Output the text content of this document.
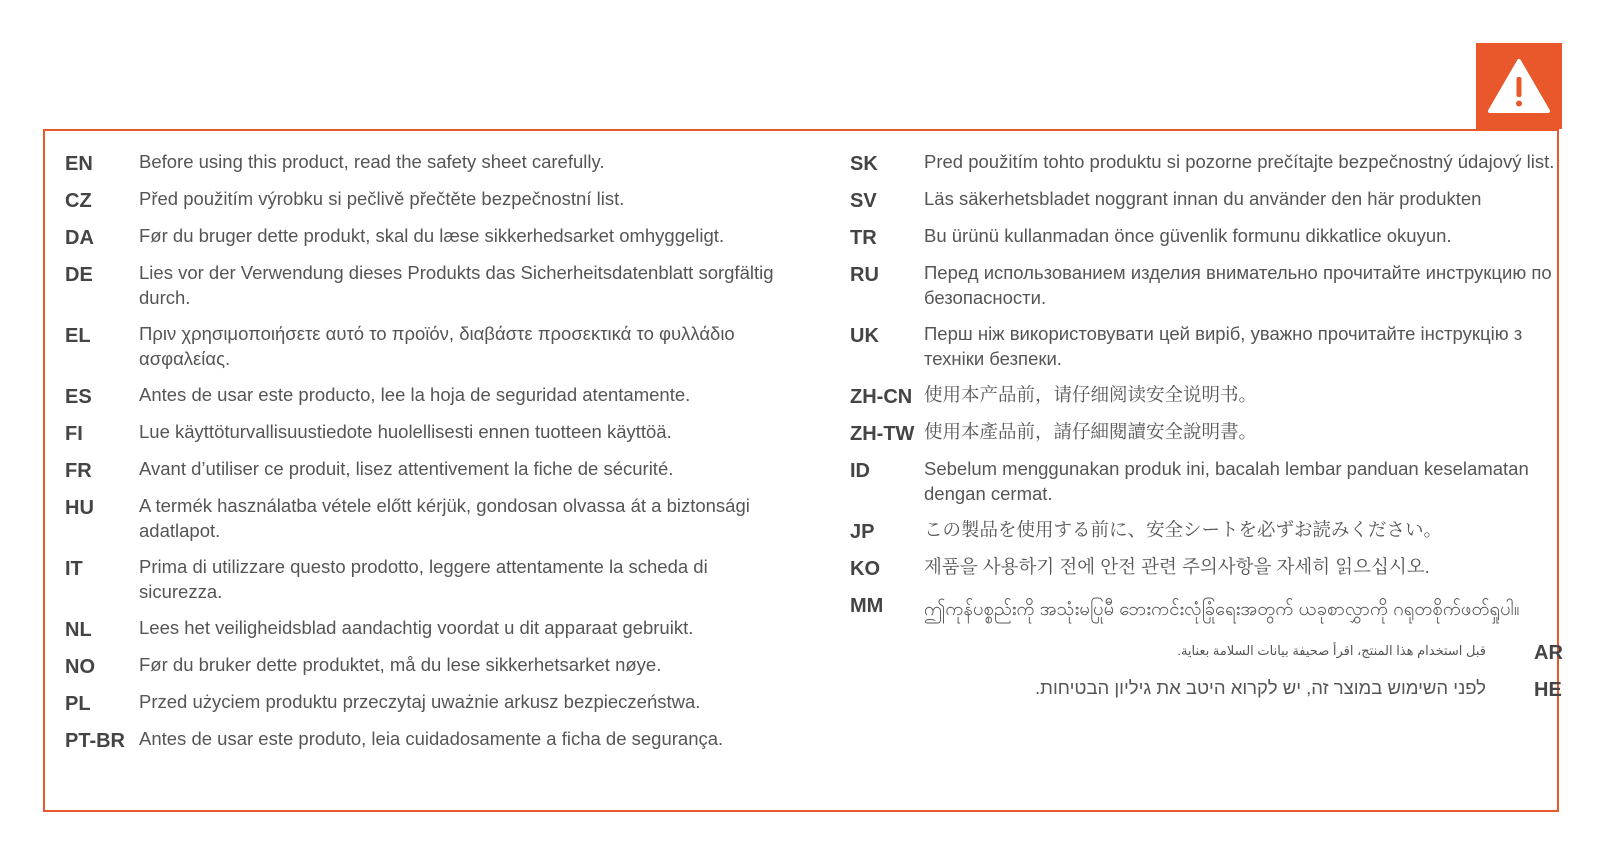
EN	Before using this product, read the safety sheet carefully.
CZ	Před použitím výrobku si pečlivě přečtěte bezpečnostní list.
DA	Før du bruger dette produkt, skal du læse sikkerhedsarket omhyggeligt.
DE	Lies vor der Verwendung dieses Produkts das Sicherheitsdatenblatt sorgfältig durch.
EL	Πριν χρησιμοποιήσετε αυτό το προϊόν, διαβάστε προσεκτικά το φυλλάδιο ασφαλείας.
ES	Antes de usar este producto, lee la hoja de seguridad atentamente.
FI	Lue käyttöturvallisuustiedote huolellisesti ennen tuotteen käyttöä.
FR	Avant d’utiliser ce produit, lisez attentivement la fiche de sécurité.
HU	A termék használatba vétele előtt kérjük, gondosan olvassa át a biztonsági adatlapot.
IT	Prima di utilizzare questo prodotto, leggere attentamente la scheda di sicurezza.
NL	Lees het veiligheidsblad aandachtig voordat u dit apparaat gebruikt.
NO	Før du bruker dette produktet, må du lese sikkerhetsarket nøye.
PL	Przed użyciem produktu przeczytaj uważnie arkusz bezpieczeństwa.
PT-BR Antes de usar este produto, leia cuidadosamente a ficha de segurança.
SK	Pred použitím tohto produktu si pozorne prečítajte bezpečnostný údajový list.
SV	Läs säkerhetsbladet noggrant innan du använder den här produkten
TR	Bu ürünü kullanmadan önce güvenlik formunu dikkatlice okuyun.
RU	Перед использованием изделия внимательно прочитайте инструкцию по безопасности.
UK	Перш ніж використовувати цей виріб, уважно прочитайте інструкцію з техніки безпеки.
ZH-CN 使用本产品前，请仔细阅读安全说明书。
ZH-TW 使用本產品前，請仔細閱讀安全說明書。
ID	Sebelum menggunakan produk ini, bacalah lembar panduan keselamatan dengan cermat.
JP	この製品を使用する前に、安全シートを必ずお読みください。
KO	제품을 사용하기 전에 안전 관련 주의사항을 자세히 읽으십시오.
MM	ဤကုန်ပစ္စည်းကို အသုံးမပြုမီ ဘေးကင်းလုံခြုံရေးအတွက် ယခုစာလွှာကို ဂရုတစိုက်ဖတ်ရှုပါ။
قبل استخدام هذا المنتج، اقرأ صحيفة بيانات السلامة بعناية.	AR
לפני השימוש במוצר זה, יש לקרוא היטב את גיליון הבטיחות.	HE
